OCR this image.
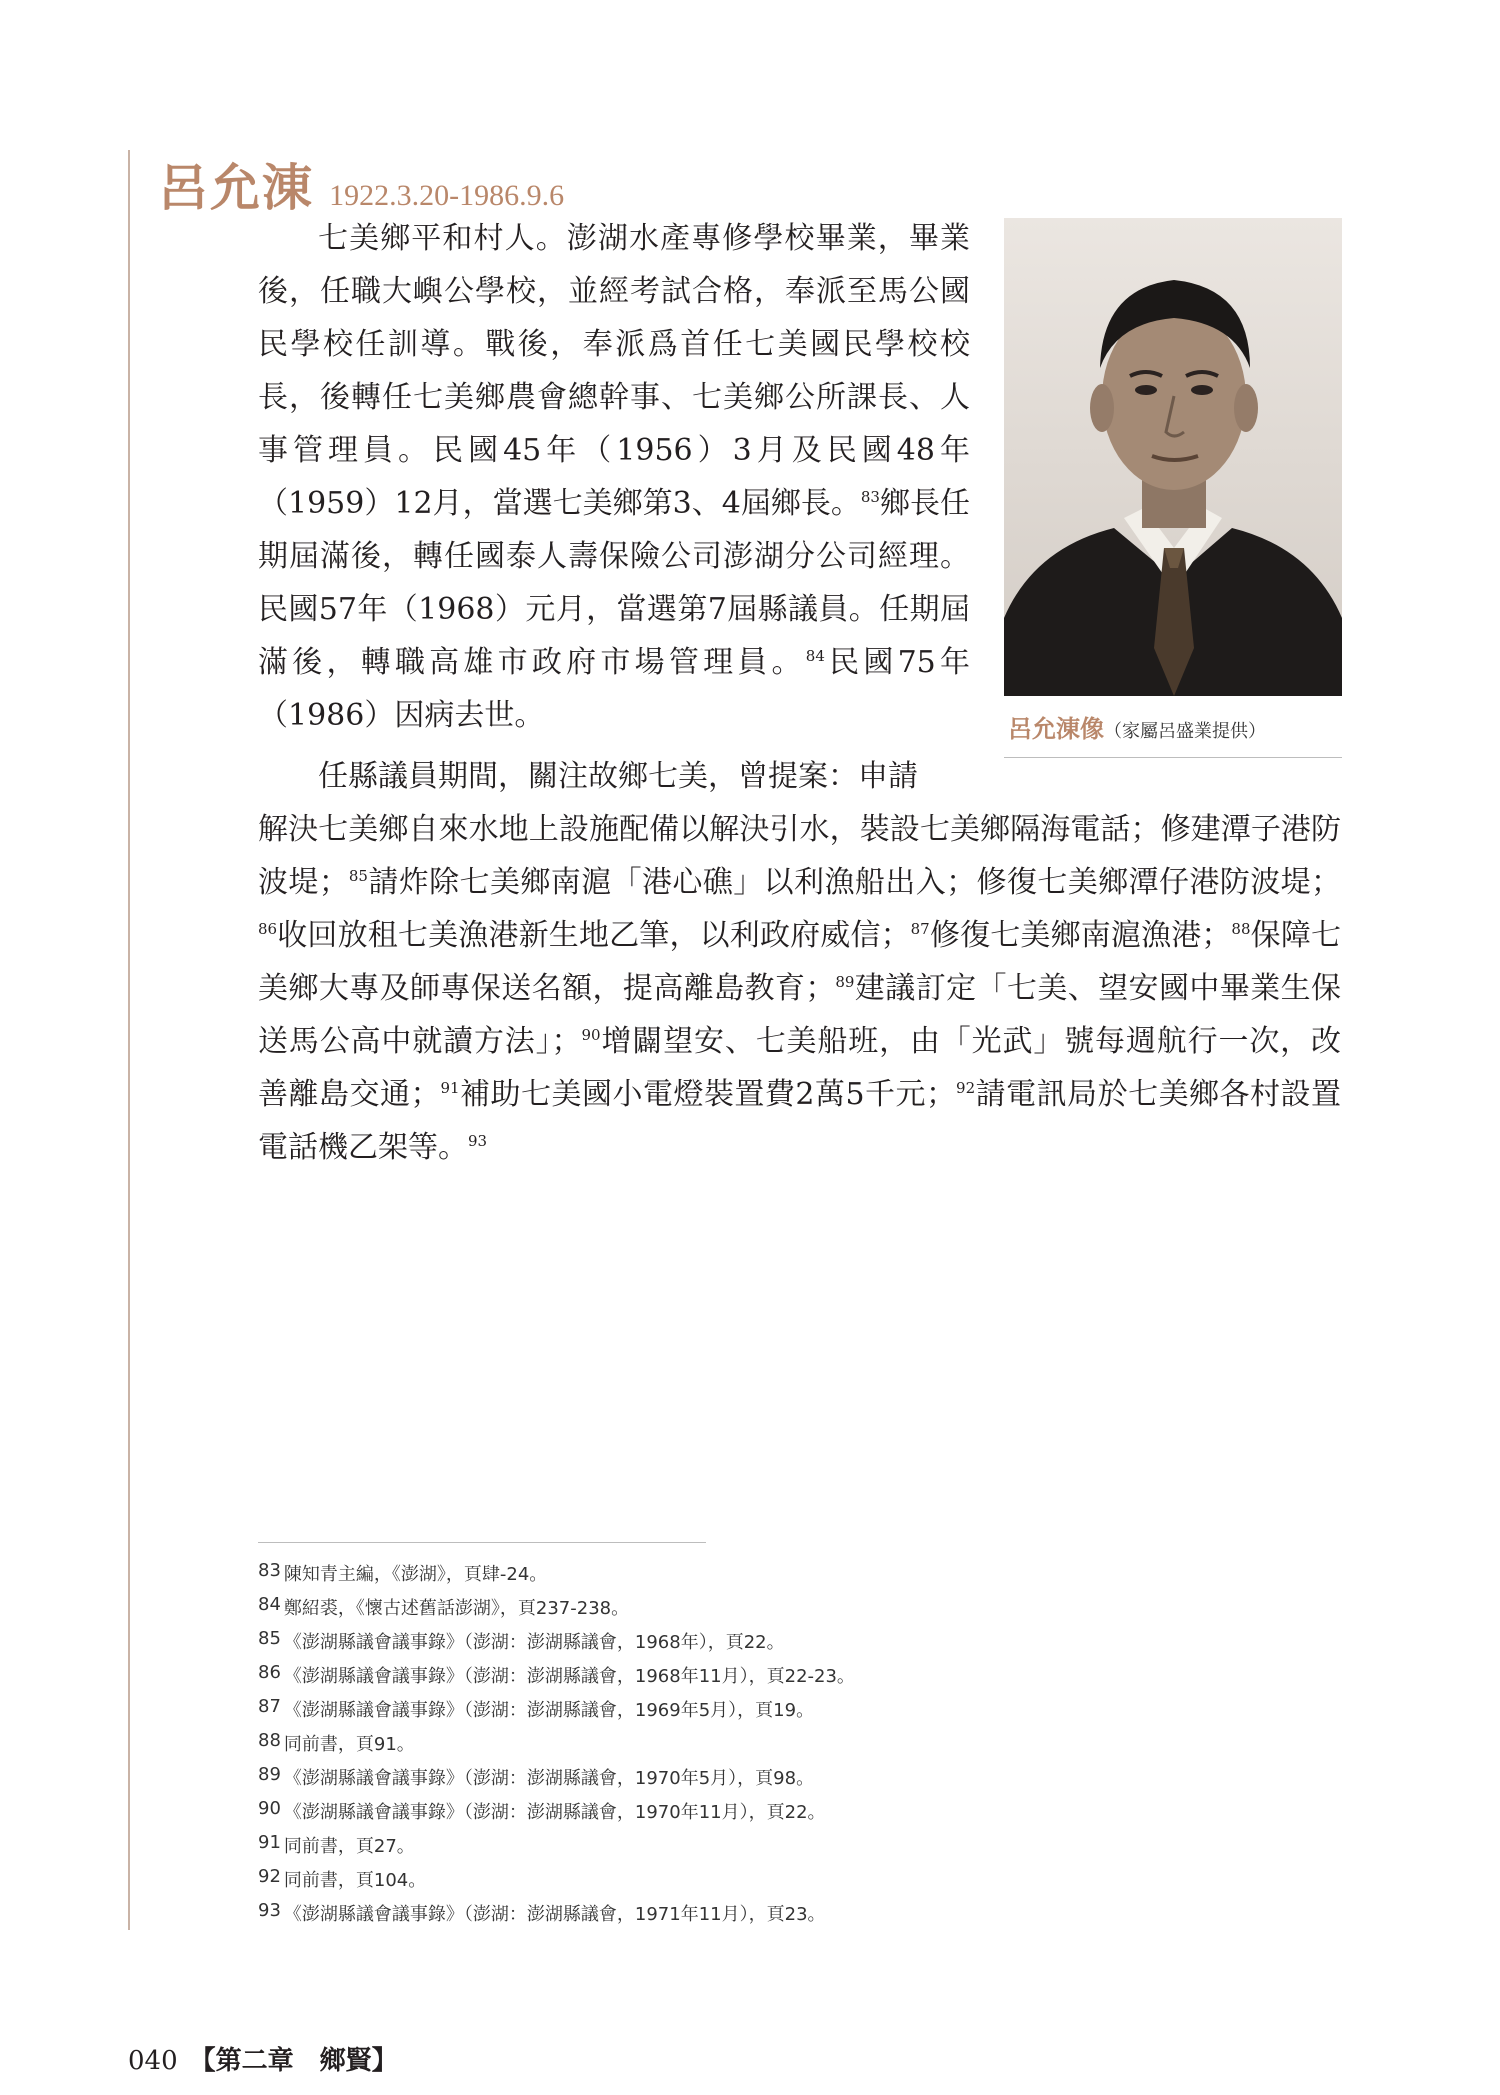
呂允涷 1922.3.20-1986.9.6
七美鄉平和村人。澎湖水產專修學校畢業，畢業後，任職大嶼公學校，並經考試合格，奉派至馬公國民學校任訓導。戰後，奉派爲首任七美國民學校校長，後轉任七美鄉農會總幹事、七美鄉公所課長、人事管理員。民國45年（1956）3月及民國48年（1959）12月，當選七美鄉第3、4屆鄉長。$^{83}$鄉長任期屆滿後，轉任國泰人壽保險公司澎湖分公司經理。民國57年（1968）元月，當選第7屆縣議員。任期屆滿後，轉職高雄市政府市場管理員。$^{84}$民國75年（1986）因病去世。
任縣議員期間，關注故鄉七美，曾提案：申請
解決七美鄉自來水地上設施配備以解決引水，裝設七美鄉隔海電話；修建潭子港防波堤；$^{85}$請炸除七美鄉南滬「港心礁」以利漁船出入；修復七美鄉潭仔港防波堤；$^{86}$收回放租七美漁港新生地乙筆，以利政府威信；$^{87}$修復七美鄉南滬漁港；$^{88}$保障七美鄉大專及師專保送名額，提高離島教育；$^{89}$建議訂定「七美、望安國中畢業生保送馬公高中就讀方法」；$^{90}$增闢望安、七美船班，由「光武」號每週航行一次，改善離島交通；$^{91}$補助七美國小電燈裝置費2萬5千元；$^{92}$請電訊局於七美鄉各村設置電話機乙架等。$^{93}$
呂允涷像（家屬呂盛業提供）
83 陳知青主編，《澎湖》，頁肆-24。
84 鄭紹裘，《懷古述舊話澎湖》，頁237-238。
85 《澎湖縣議會議事錄》（澎湖：澎湖縣議會，1968年），頁22。
86 《澎湖縣議會議事錄》（澎湖：澎湖縣議會，1968年11月），頁22-23。
87 《澎湖縣議會議事錄》（澎湖：澎湖縣議會，1969年5月），頁19。
88 同前書，頁91。
89 《澎湖縣議會議事錄》（澎湖：澎湖縣議會，1970年5月），頁98。
90 《澎湖縣議會議事錄》（澎湖：澎湖縣議會，1970年11月），頁22。
91 同前書，頁27。
92 同前書，頁104。
93 《澎湖縣議會議事錄》（澎湖：澎湖縣議會，1971年11月），頁23。
040 【第二章　鄉賢】
